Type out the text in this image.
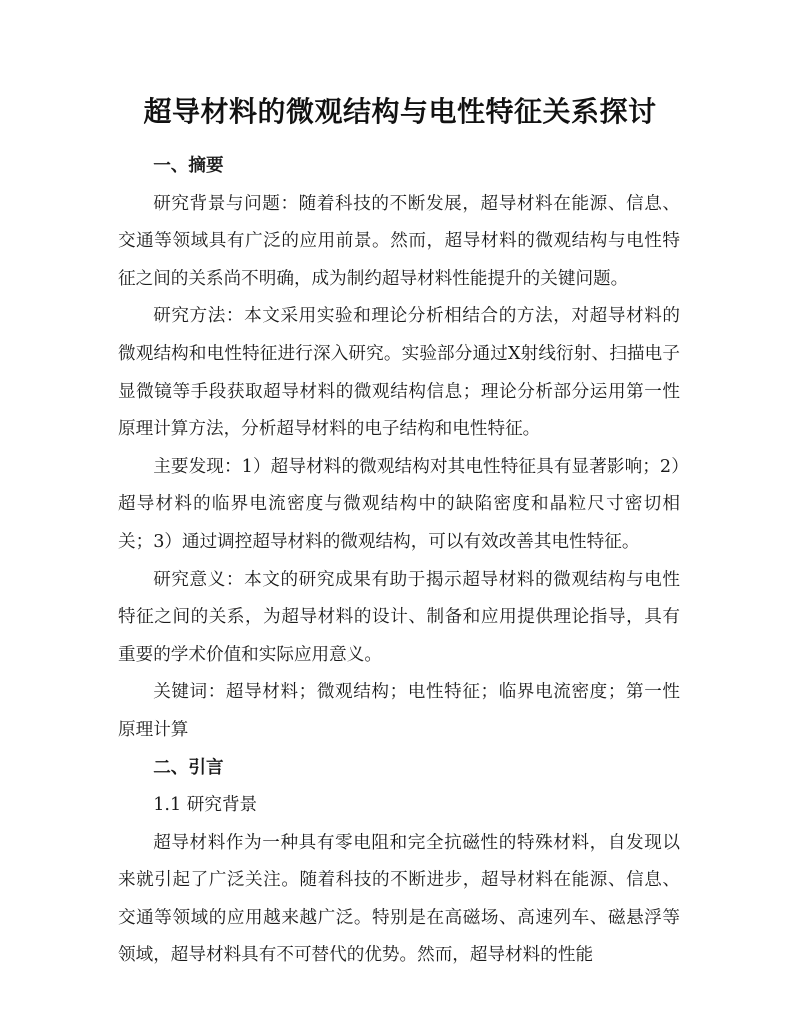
超导材料的微观结构与电性特征关系探讨

一、摘要

研究背景与问题：随着科技的不断发展，超导材料在能源、信息、交通等领域具有广泛的应用前景。然而，超导材料的微观结构与电性特征之间的关系尚不明确，成为制约超导材料性能提升的关键问题。

研究方法：本文采用实验和理论分析相结合的方法，对超导材料的微观结构和电性特征进行深入研究。实验部分通过X射线衍射、扫描电子显微镜等手段获取超导材料的微观结构信息；理论分析部分运用第一性原理计算方法，分析超导材料的电子结构和电性特征。

主要发现：1）超导材料的微观结构对其电性特征具有显著影响；2）超导材料的临界电流密度与微观结构中的缺陷密度和晶粒尺寸密切相关；3）通过调控超导材料的微观结构，可以有效改善其电性特征。

研究意义：本文的研究成果有助于揭示超导材料的微观结构与电性特征之间的关系，为超导材料的设计、制备和应用提供理论指导，具有重要的学术价值和实际应用意义。

关键词：超导材料；微观结构；电性特征；临界电流密度；第一性原理计算

二、引言

1.1 研究背景

超导材料作为一种具有零电阻和完全抗磁性的特殊材料，自发现以来就引起了广泛关注。随着科技的不断进步，超导材料在能源、信息、交通等领域的应用越来越广泛。特别是在高磁场、高速列车、磁悬浮等领域，超导材料具有不可替代的优势。然而，超导材料的性能
